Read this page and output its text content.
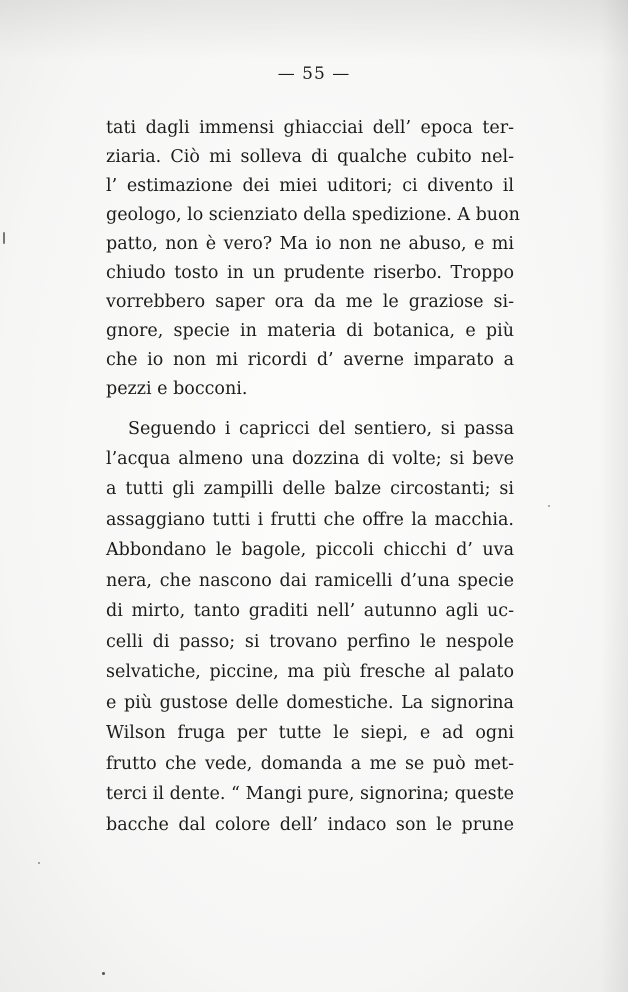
— 55 —
tati dagli immensi ghiacciai dell’ epoca ter-
ziaria. Ciò mi solleva di qualche cubito nel-
l’ estimazione dei miei uditori; ci divento il
geologo, lo scienziato della spedizione. A buon
patto, non è vero? Ma io non ne abuso, e mi
chiudo tosto in un prudente riserbo. Troppo
vorrebbero saper ora da me le graziose si-
gnore, specie in materia di botanica, e più
che io non mi ricordi d’ averne imparato a
pezzi e bocconi.
Seguendo i capricci del sentiero, si passa
l’acqua almeno una dozzina di volte; si beve
a tutti gli zampilli delle balze circostanti; si
assaggiano tutti i frutti che offre la macchia.
Abbondano le bagole, piccoli chicchi d’ uva
nera, che nascono dai ramicelli d’una specie
di mirto, tanto graditi nell’ autunno agli uc-
celli di passo; si trovano perfino le nespole
selvatiche, piccine, ma più fresche al palato
e più gustose delle domestiche. La signorina
Wilson fruga per tutte le siepi, e ad ogni
frutto che vede, domanda a me se può met-
terci il dente. “ Mangi pure, signorina; queste
bacche dal colore dell’ indaco son le prune
